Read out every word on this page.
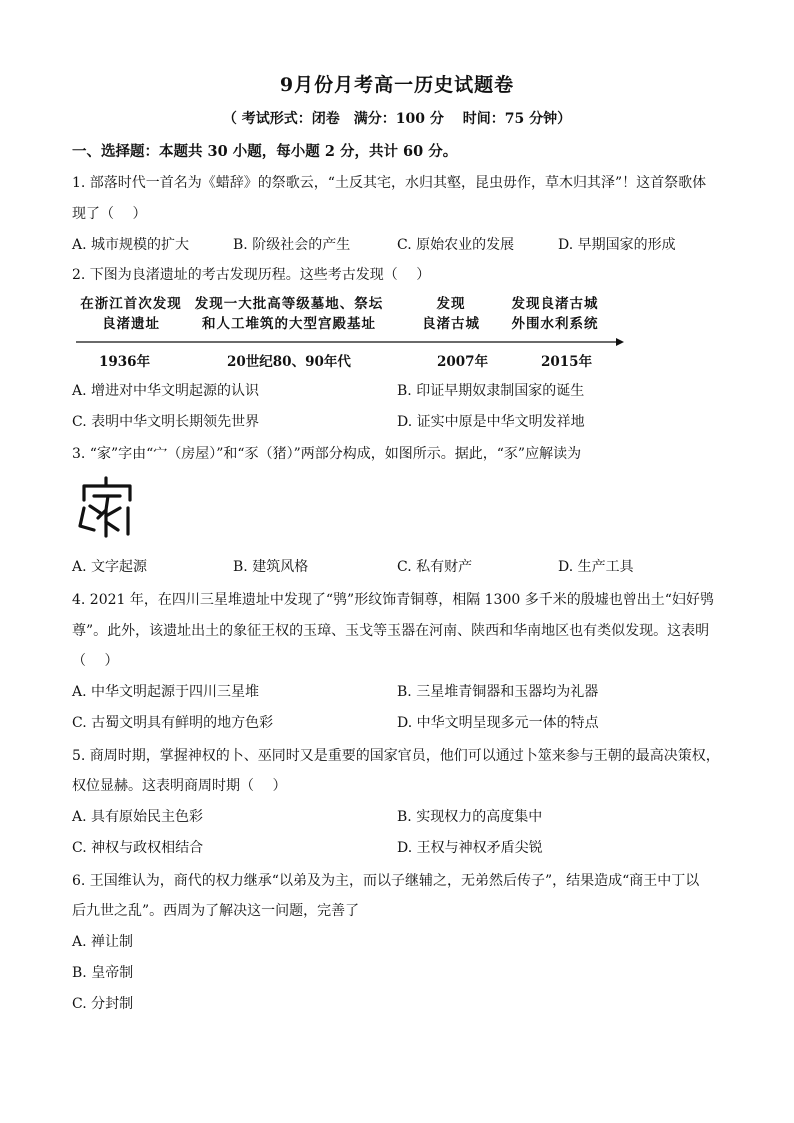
9月份月考高一历史试题卷
（ 考试形式：闭卷　满分：100 分　 时间：75 分钟）
一、选择题：本题共 30 小题，每小题 2 分，共计 60 分。
1. 部落时代一首名为《蜡辞》的祭歌云，“土反其宅，水归其壑，昆虫毋作，草木归其泽”！这首祭歌体
现了（　 ）
A. 城市规模的扩大	B. 阶级社会的产生	C. 原始农业的发展	D. 早期国家的形成
2. 下图为良渚遗址的考古发现历程。这些考古发现（　 ）
在浙江首次发现
良渚遗址
发现一大批高等级墓地、祭坛
和人工堆筑的大型宫殿基址
发现
良渚古城
发现良渚古城
外围水利系统
1936年	20世纪80、90年代	2007年	2015年
A. 增进对中华文明起源的认识	B. 印证早期奴隶制国家的诞生
C. 表明中华文明长期领先世界	D. 证实中原是中华文明发祥地
3. “家”字由“宀（房屋）”和“豕（猪）”两部分构成，如图所示。据此，“豕”应解读为
A. 文字起源	B. 建筑风格	C. 私有财产	D. 生产工具
4. 2021 年，在四川三星堆遗址中发现了“鸮”形纹饰青铜尊，相隔 1300 多千米的殷墟也曾出土“妇好鸮
尊”。此外，该遗址出土的象征王权的玉璋、玉戈等玉器在河南、陕西和华南地区也有类似发现。这表明
（　 ）
A. 中华文明起源于四川三星堆	B. 三星堆青铜器和玉器均为礼器
C. 古蜀文明具有鲜明的地方色彩	D. 中华文明呈现多元一体的特点
5. 商周时期，掌握神权的卜、巫同时又是重要的国家官员，他们可以通过卜筮来参与王朝的最高决策权，
权位显赫。这表明商周时期（　 ）
A. 具有原始民主色彩	B. 实现权力的高度集中
C. 神权与政权相结合	D. 王权与神权矛盾尖锐
6. 王国维认为，商代的权力继承“以弟及为主，而以子继辅之，无弟然后传子”，结果造成“商王中丁以
后九世之乱”。西周为了解决这一问题，完善了
A. 禅让制
B. 皇帝制
C. 分封制
